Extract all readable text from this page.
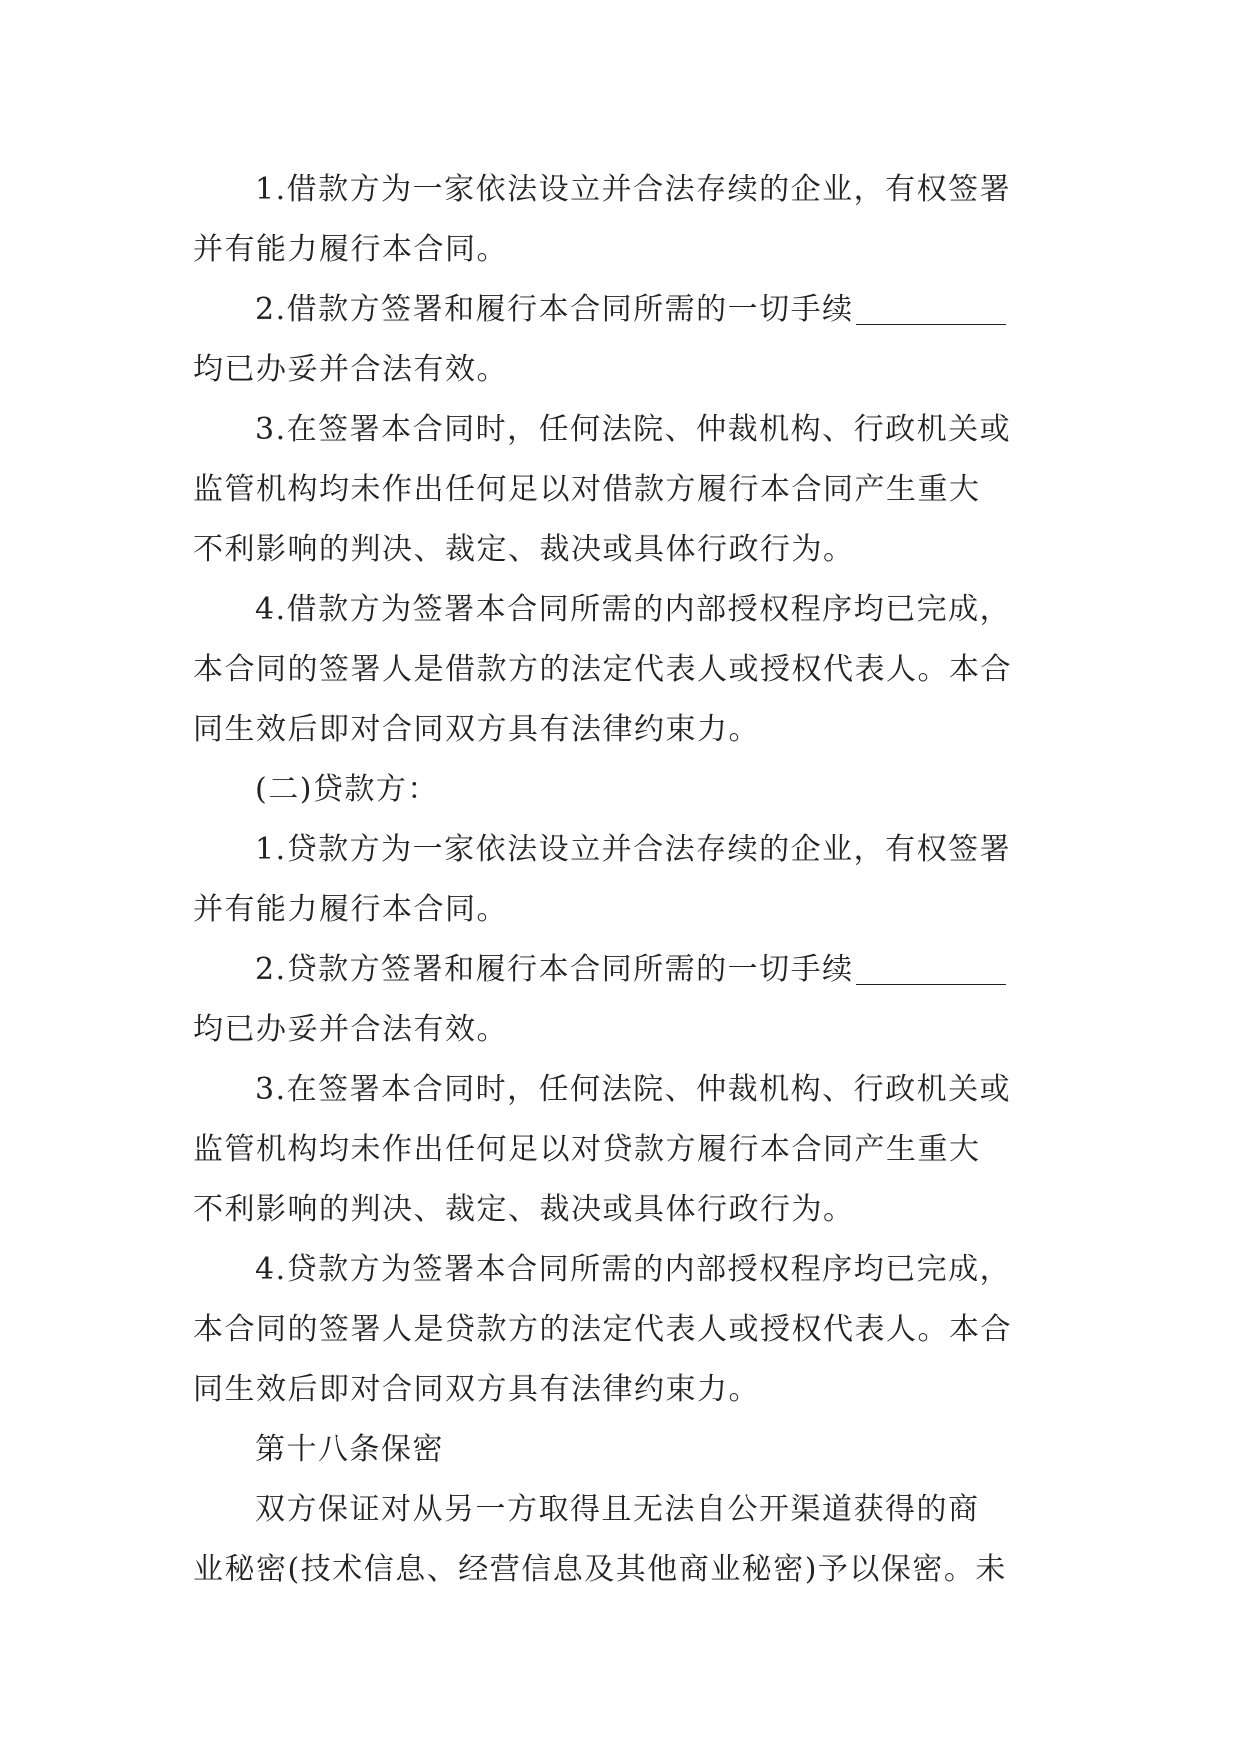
1.借款方为一家依法设立并合法存续的企业，有权签署
并有能力履行本合同。
2.借款方签署和履行本合同所需的一切手续
均已办妥并合法有效。
3.在签署本合同时，任何法院、仲裁机构、行政机关或
监管机构均未作出任何足以对借款方履行本合同产生重大
不利影响的判决、裁定、裁决或具体行政行为。
4.借款方为签署本合同所需的内部授权程序均已完成，
本合同的签署人是借款方的法定代表人或授权代表人。本合
同生效后即对合同双方具有法律约束力。
(二)贷款方：
1.贷款方为一家依法设立并合法存续的企业，有权签署
并有能力履行本合同。
2.贷款方签署和履行本合同所需的一切手续
均已办妥并合法有效。
3.在签署本合同时，任何法院、仲裁机构、行政机关或
监管机构均未作出任何足以对贷款方履行本合同产生重大
不利影响的判决、裁定、裁决或具体行政行为。
4.贷款方为签署本合同所需的内部授权程序均已完成，
本合同的签署人是贷款方的法定代表人或授权代表人。本合
同生效后即对合同双方具有法律约束力。
第十八条保密
双方保证对从另一方取得且无法自公开渠道获得的商
业秘密(技术信息、经营信息及其他商业秘密)予以保密。未
